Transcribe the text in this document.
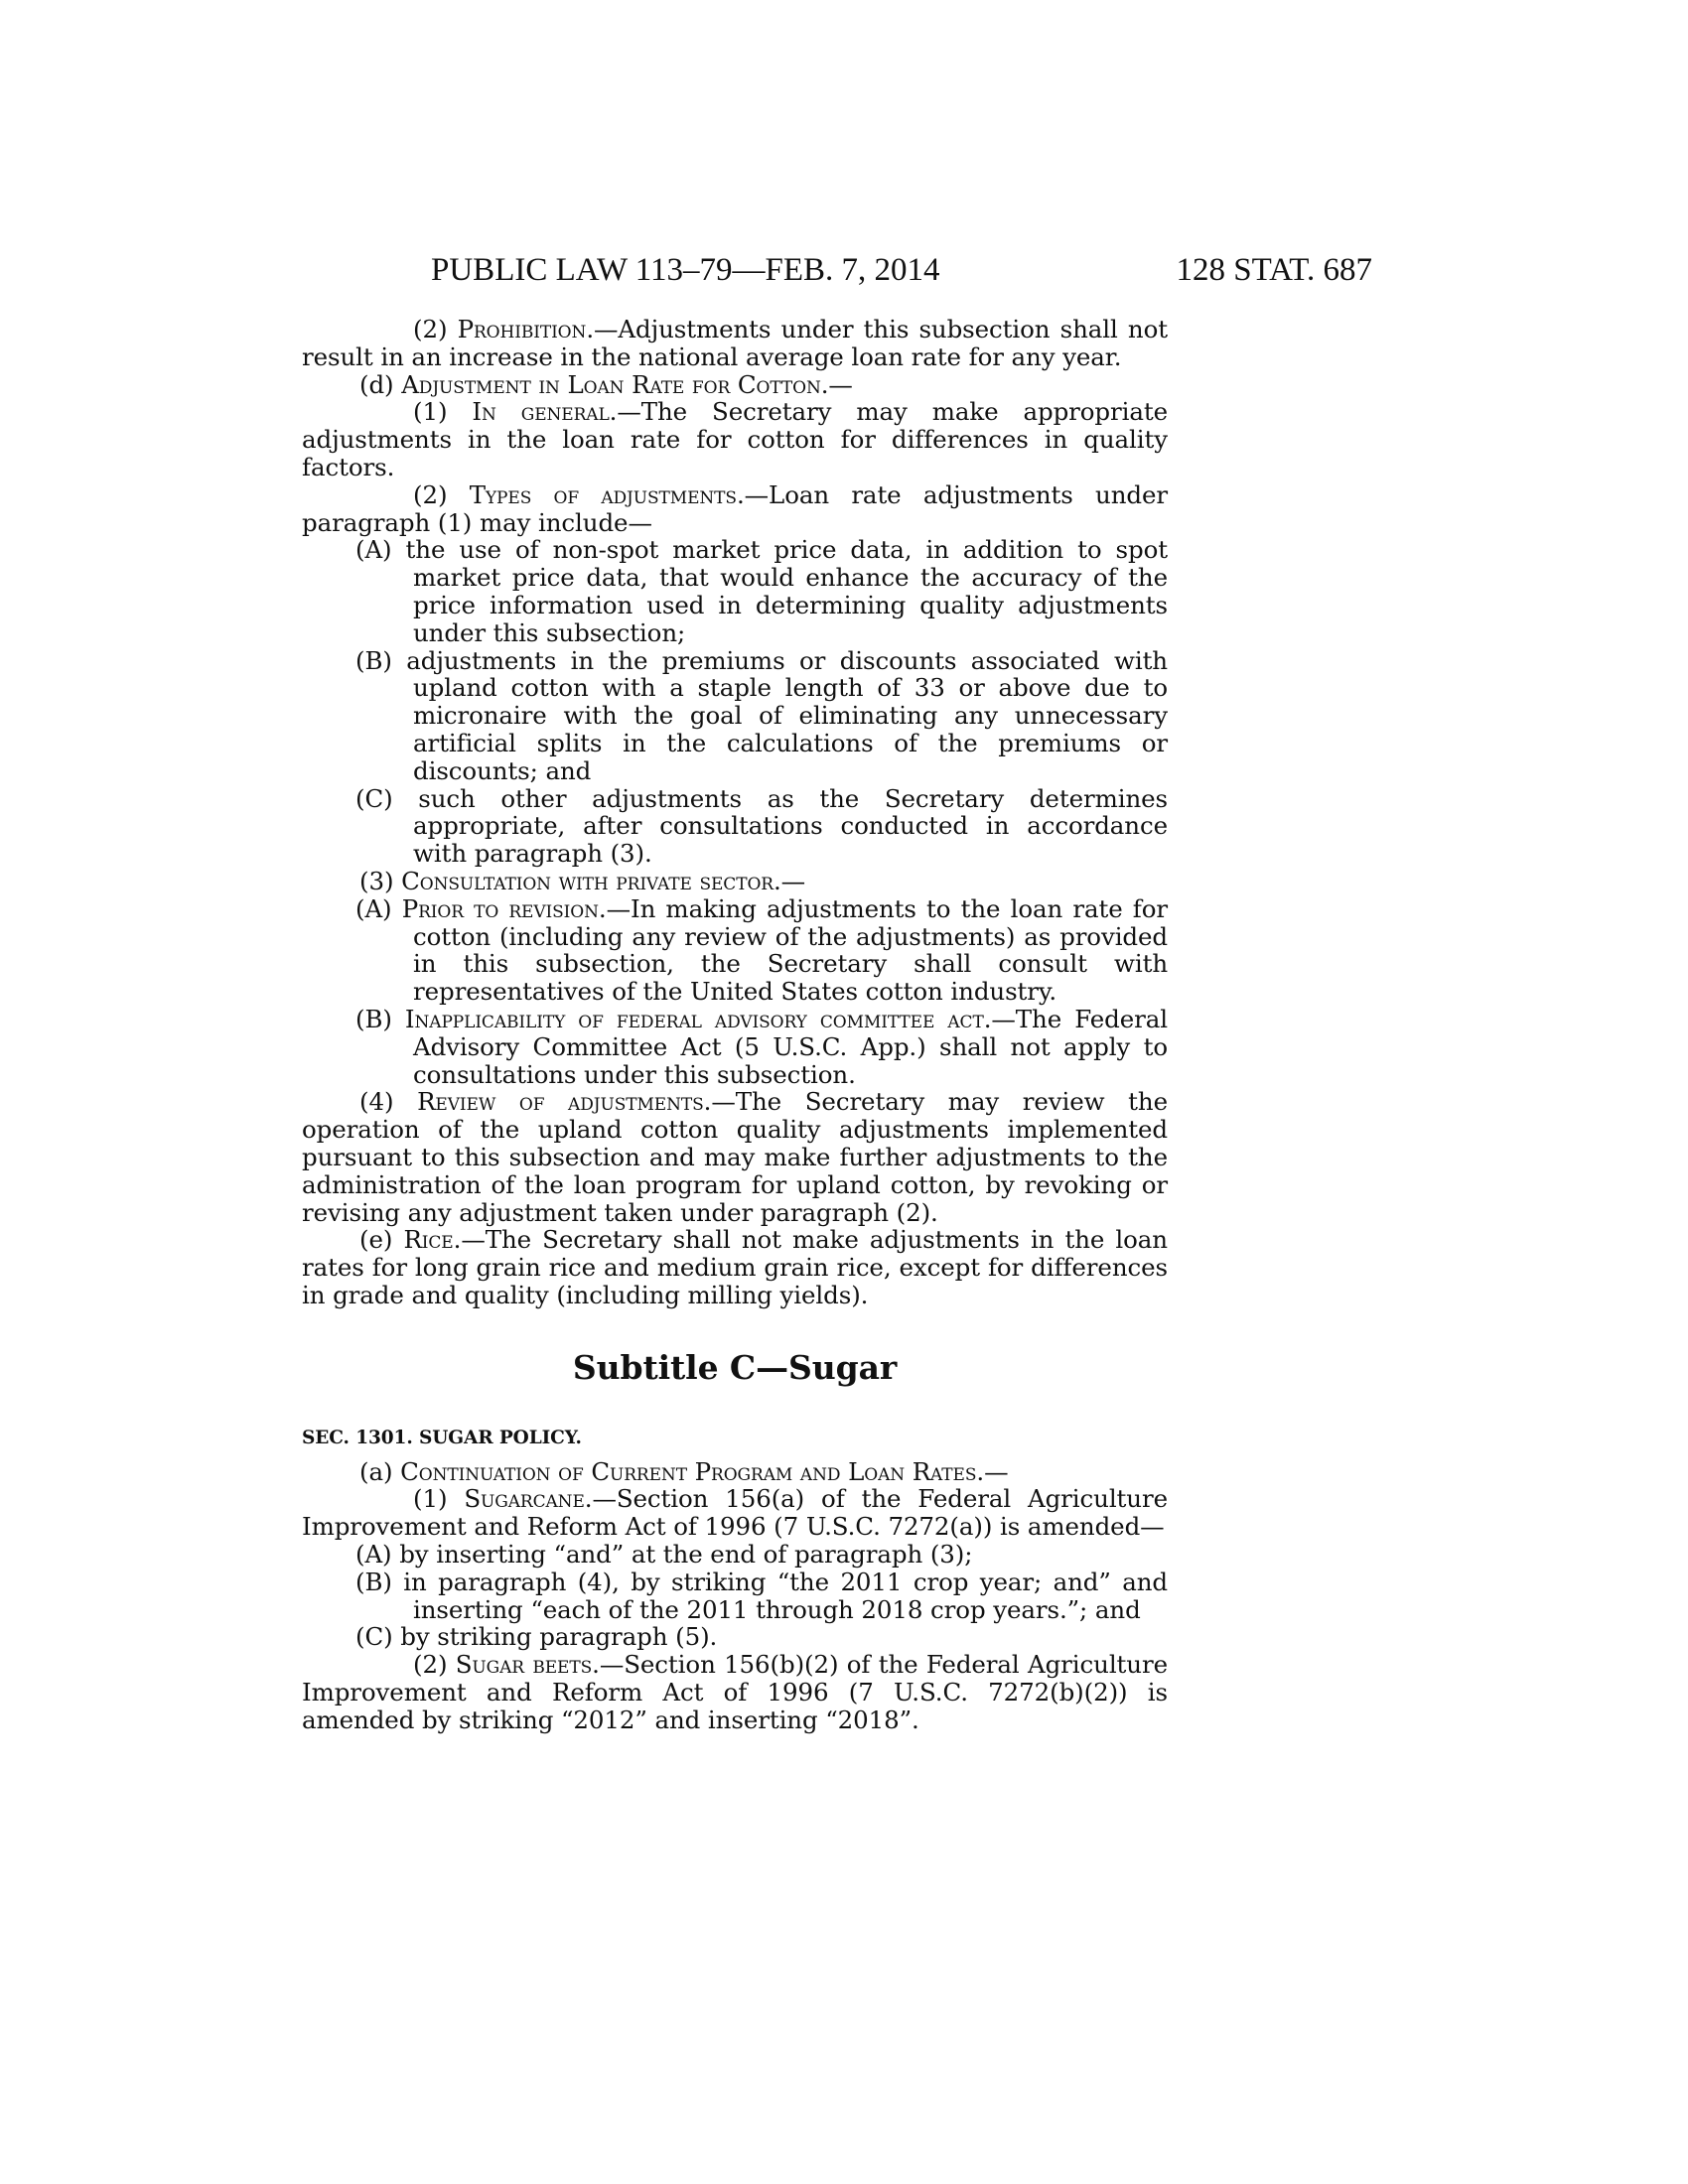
PUBLIC LAW 113–79—FEB. 7, 2014	128 STAT. 687

(2) Prohibition.—Adjustments under this subsection shall not result in an increase in the national average loan rate for any year.

(d) Adjustment in Loan Rate for Cotton.—

(1) In general.—The Secretary may make appropriate adjustments in the loan rate for cotton for differences in quality factors.

(2) Types of adjustments.—Loan rate adjustments under paragraph (1) may include—

(A) the use of non-spot market price data, in addition to spot market price data, that would enhance the accuracy of the price information used in determining quality adjustments under this subsection;

(B) adjustments in the premiums or discounts associated with upland cotton with a staple length of 33 or above due to micronaire with the goal of eliminating any unnecessary artificial splits in the calculations of the premiums or discounts; and

(C) such other adjustments as the Secretary determines appropriate, after consultations conducted in accordance with paragraph (3).

(3) Consultation with private sector.—

(A) Prior to revision.—In making adjustments to the loan rate for cotton (including any review of the adjustments) as provided in this subsection, the Secretary shall consult with representatives of the United States cotton industry.

(B) Inapplicability of federal advisory committee act.—The Federal Advisory Committee Act (5 U.S.C. App.) shall not apply to consultations under this subsection.

(4) Review of adjustments.—The Secretary may review the operation of the upland cotton quality adjustments implemented pursuant to this subsection and may make further adjustments to the administration of the loan program for upland cotton, by revoking or revising any adjustment taken under paragraph (2).

(e) Rice.—The Secretary shall not make adjustments in the loan rates for long grain rice and medium grain rice, except for differences in grade and quality (including milling yields).

Subtitle C—Sugar
SEC. 1301. SUGAR POLICY.

(a) Continuation of Current Program and Loan Rates.—

(1) Sugarcane.—Section 156(a) of the Federal Agriculture Improvement and Reform Act of 1996 (7 U.S.C. 7272(a)) is amended—

(A) by inserting “and” at the end of paragraph (3);

(B) in paragraph (4), by striking “the 2011 crop year; and” and inserting “each of the 2011 through 2018 crop years.”; and

(C) by striking paragraph (5).

(2) Sugar beets.—Section 156(b)(2) of the Federal Agriculture Improvement and Reform Act of 1996 (7 U.S.C. 7272(b)(2)) is amended by striking “2012” and inserting “2018”.
